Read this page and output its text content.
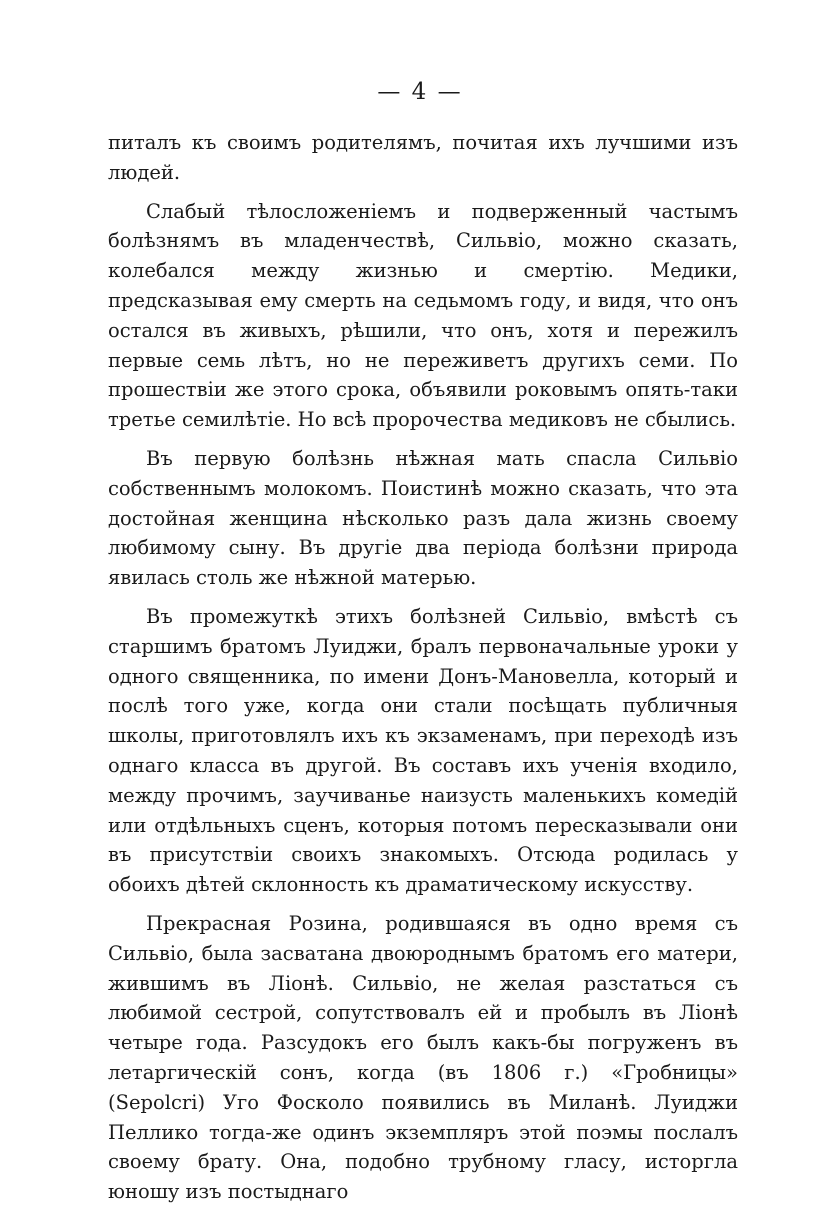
— 4 —

питалъ къ своимъ родителямъ, почитая ихъ лучшими изъ людей.

Слабый тѣлосложеніемъ и подверженный частымъ болѣзнямъ въ младенчествѣ, Сильвіо, можно сказать, колебался между жизнью и смертію. Медики, предсказывая ему смерть на седьмомъ году, и видя, что онъ остался въ живыхъ, рѣшили, что онъ, хотя и пережилъ первые семь лѣтъ, но не переживетъ другихъ семи. По прошествіи же этого срока, объявили роковымъ опять-таки третье семилѣтіе. Но всѣ пророчества медиковъ не сбылись.

Въ первую болѣзнь нѣжная мать спасла Сильвіо собственнымъ молокомъ. Поистинѣ можно сказать, что эта достойная женщина нѣсколько разъ дала жизнь своему любимому сыну. Въ другіе два періода болѣзни природа явилась столь же нѣжной матерью.

Въ промежуткѣ этихъ болѣзней Сильвіо, вмѣстѣ съ старшимъ братомъ Луиджи, бралъ первоначальные уроки у одного священника, по имени Донъ-Мановелла, который и послѣ того уже, когда они стали посѣщать публичныя школы, приготовлялъ ихъ къ экзаменамъ, при переходѣ изъ однаго класса въ другой. Въ составъ ихъ ученія входило, между прочимъ, заучиванье наизусть маленькихъ комедій или отдѣльныхъ сценъ, которыя потомъ пересказывали они въ присутствіи своихъ знакомыхъ. Отсюда родилась у обоихъ дѣтей склонность къ драматическому искусству.

Прекрасная Розина, родившаяся въ одно время съ Сильвіо, была засватана двоюроднымъ братомъ его матери, жившимъ въ Ліонѣ. Сильвіо, не желая разстаться съ любимой сестрой, сопутствовалъ ей и пробылъ въ Ліонѣ четыре года. Разсудокъ его былъ какъ-бы погруженъ въ летаргическій сонъ, когда (въ 1806 г.) «Гробницы» (Sepolcri) Уго Фосколо появились въ Миланѣ. Луиджи Пеллико тогда-же одинъ экземпляръ этой поэмы послалъ своему брату. Она, подобно трубному гласу, исторгла юношу изъ постыднаго
